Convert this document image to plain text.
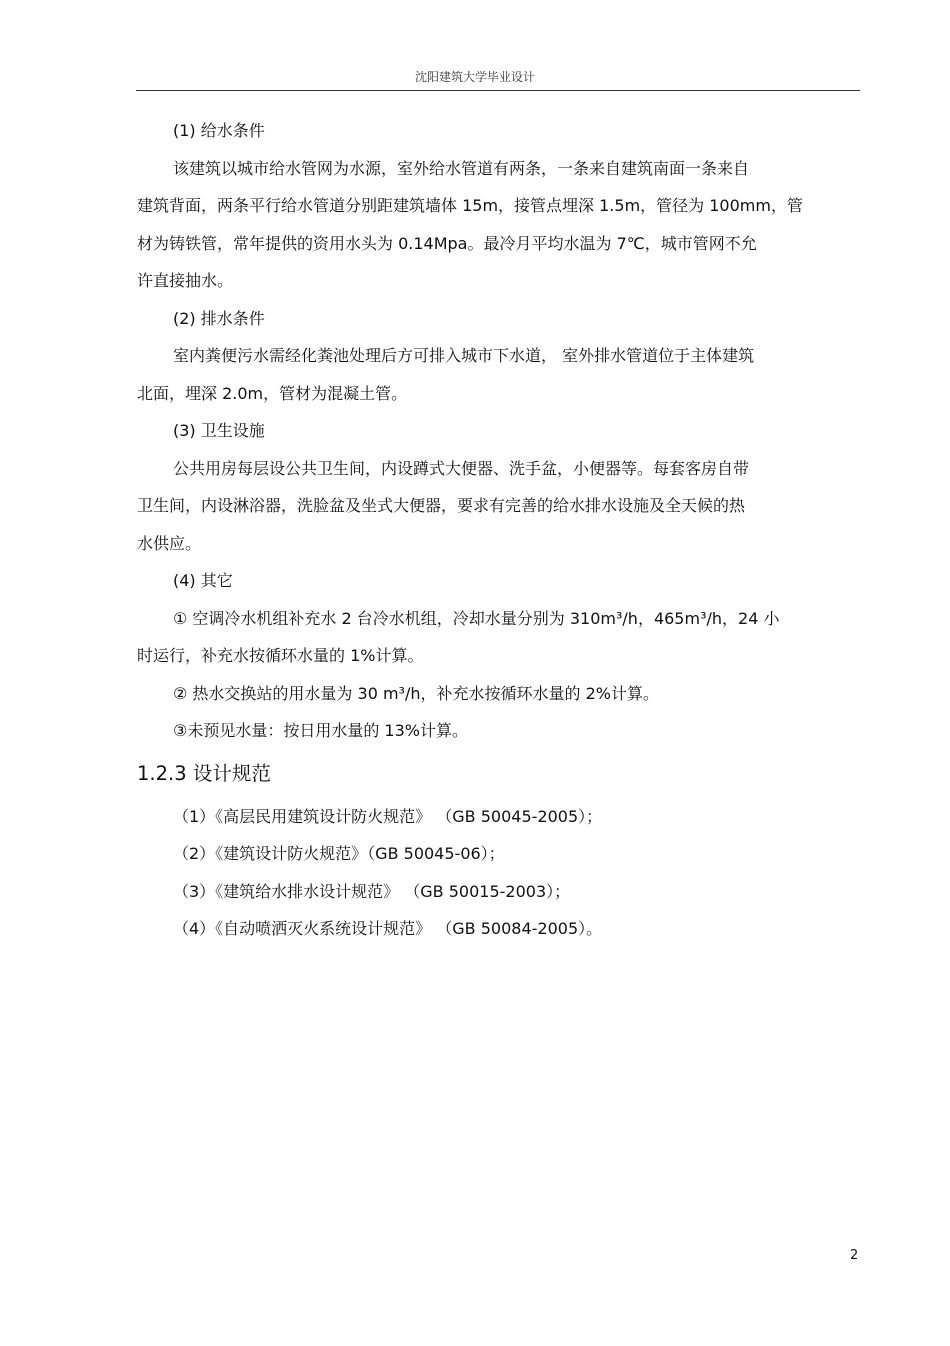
沈阳建筑大学毕业设计
(1) 给水条件
该建筑以城市给水管网为水源，室外给水管道有两条，一条来自建筑南面一条来自
建筑背面，两条平行给水管道分别距建筑墙体 15m，接管点埋深 1.5m，管径为 100mm，管
材为铸铁管，常年提供的资用水头为 0.14Mpa。最冷月平均水温为 7℃，城市管网不允
许直接抽水。
(2) 排水条件
室内粪便污水需经化粪池处理后方可排入城市下水道， 室外排水管道位于主体建筑
北面，埋深 2.0m，管材为混凝土管。
(3) 卫生设施
公共用房每层设公共卫生间，内设蹲式大便器、洗手盆，小便器等。每套客房自带
卫生间，内设淋浴器，洗脸盆及坐式大便器，要求有完善的给水排水设施及全天候的热
水供应。
(4) 其它
① 空调冷水机组补充水 2 台冷水机组，冷却水量分别为 310m³/h，465m³/h，24 小
时运行，补充水按循环水量的 1%计算。
② 热水交换站的用水量为 30 m³/h，补充水按循环水量的 2%计算。
③未预见水量：按日用水量的 13%计算。
1.2.3 设计规范
（1）《高层民用建筑设计防火规范》 （GB 50045-2005）；
（2）《建筑设计防火规范》（GB 50045-06）；
（3）《建筑给水排水设计规范》 （GB 50015-2003）；
（4）《自动喷洒灭火系统设计规范》 （GB 50084-2005）。
2
